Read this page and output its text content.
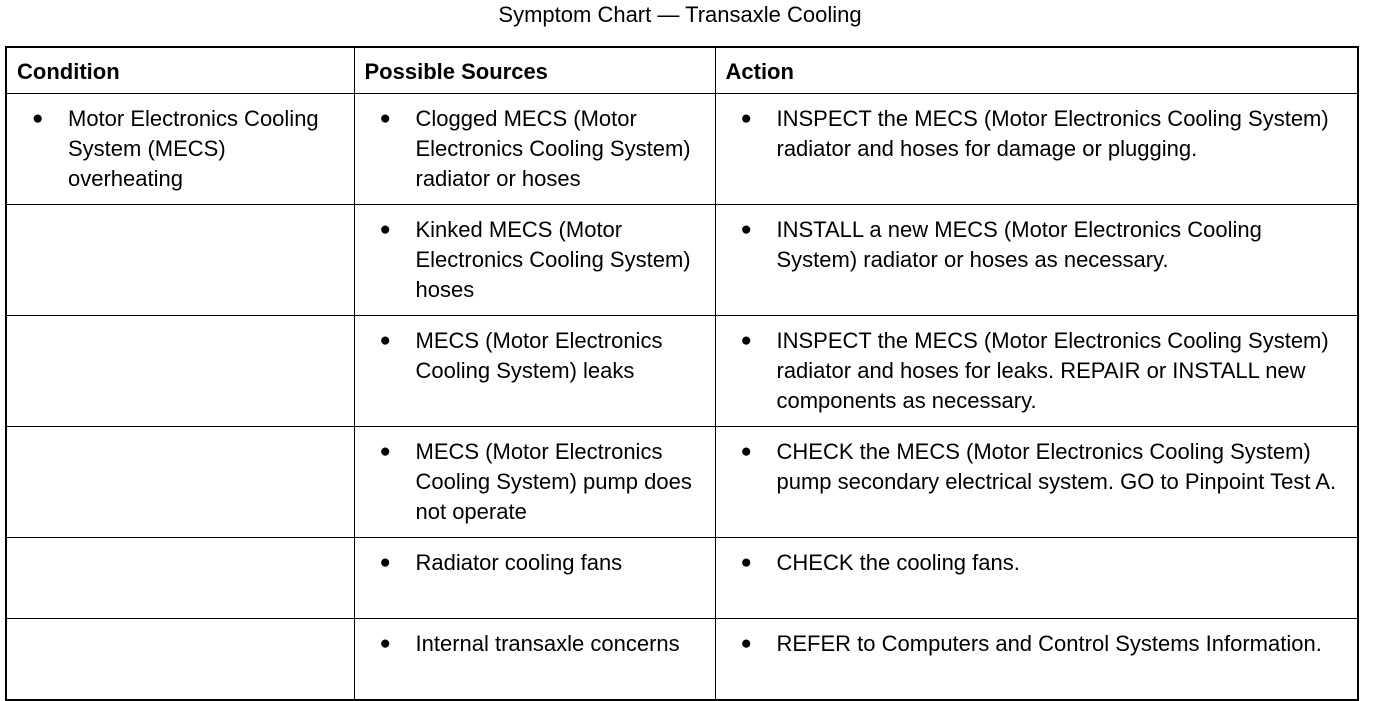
Symptom Chart — Transaxle Cooling
Condition	Possible Sources	Action

● Motor Electronics Cooling System (MECS) overheating	● Clogged MECS (Motor Electronics Cooling System) radiator or hoses	● INSPECT the MECS (Motor Electronics Cooling System) radiator and hoses for damage or plugging.

	● Kinked MECS (Motor Electronics Cooling System) hoses	● INSTALL a new MECS (Motor Electronics Cooling System) radiator or hoses as necessary.

	● MECS (Motor Electronics Cooling System) leaks	● INSPECT the MECS (Motor Electronics Cooling System) radiator and hoses for leaks. REPAIR or INSTALL new components as necessary.

	● MECS (Motor Electronics Cooling System) pump does not operate	● CHECK the MECS (Motor Electronics Cooling System) pump secondary electrical system. GO to Pinpoint Test A.

	● Radiator cooling fans	● CHECK the cooling fans.

	● Internal transaxle concerns	● REFER to Computers and Control Systems Information.
